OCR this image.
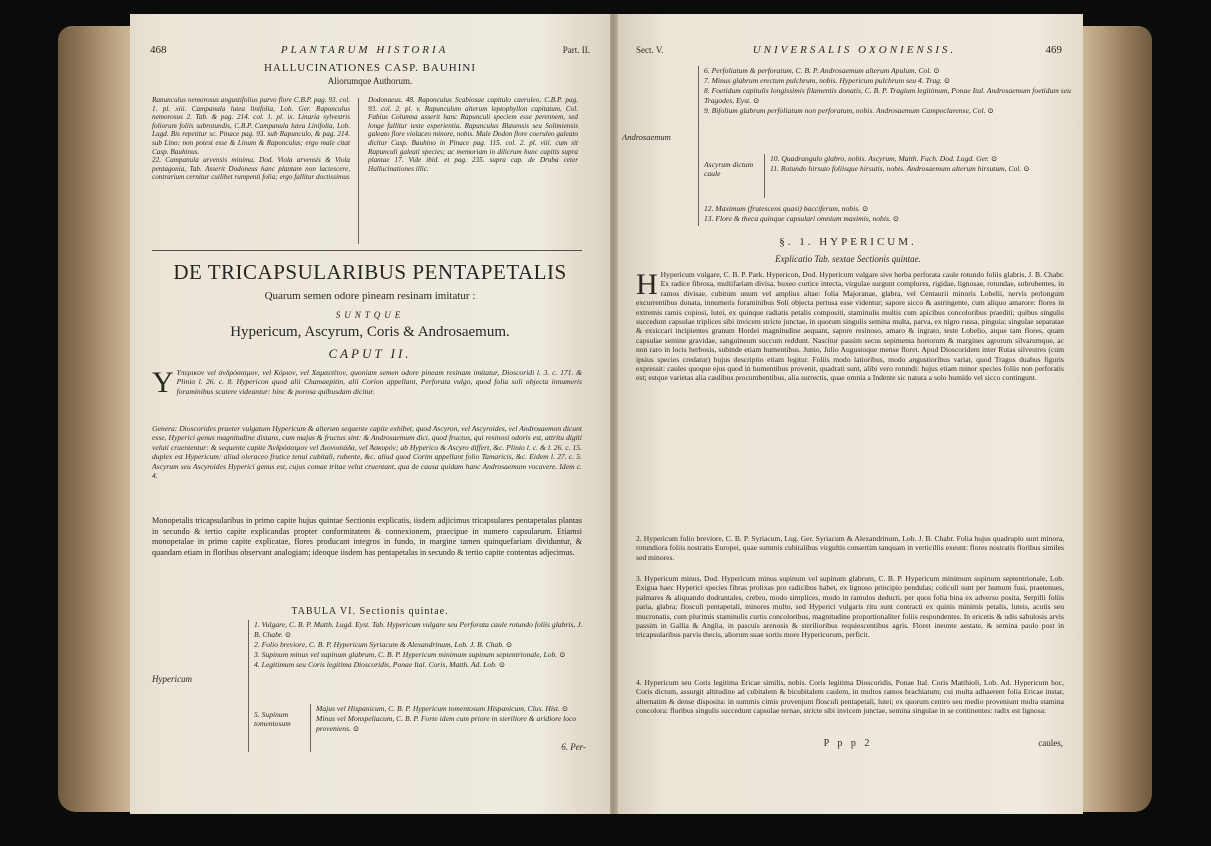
468	PLANTARUM HISTORIA	Part. II.
HALLUCINATIONES CASP. BAUHINI
Aliorumque Authorum.
Ranunculus nemorosus angustifolius parvo flore C.B.P. pag. 93. col. 1. pl. xiii. Campanula lutea linifolia, Lob. Ger. Raponculus nemorosus 2. Tab. & pag. 214. col. 1. pl. ix. Linaria sylvestris foliorum foliis subrotundis, C.B.P. Campanula lutea Linifolia, Lob. Lugd. Bis repetitur sc. Pinace pag. 93. sub Rapunculo, & pag. 214. sub Lino: non potest esse & Linum & Raponculus; ergo male citat Casp. Bauhinus.
22. Campanula arvensis minima, Dod. Viola arvensis & Viola pentagonia, Tab. Asserit Dodoneus hanc plantam non lactescere, contrarium cernitur cuilibet rumpenti folia; ergo fallitur doctissimus
Dodonaeus. 48. Raponculus Scabiosae capitulo caeruleo, C.B.P. pag. 93. col. 2. pl. v. Rapunculum alterum leptophyllon capitatum, Col. Fabius Columna asserit hanc Rapunculi speciem esse perennem, sed longe fallitur teste experientia. Rapunculus Blasensis seu Solimiensis galeato flore violaceo minore, nobis. Male Dodon flore coeruleo galeato dicitur Casp. Bauhino in Pinace pag. 115. col. 2. pl. viii. cum sit Rapunculi galeati species; ac memoriam in dilicrum hunc capitis supra plantae 17. Vide ibid. et pag. 235. supra cap. de Druba ceter Hallucinationes illic.
DE TRICAPSULARIBUS PENTAPETALIS
Quarum semen odore pineam resinam imitatur :
SUNTQUE
Hypericum, Ascyrum, Coris & Androsaemum.
CAPUT II.
Y Υπερικον vel ἀνδρόσαιμον, vel Κόριον, vel Χαμαιπίτυν, quoniam semen odore pineam resinam imitatur, Dioscoridi l. 3. c. 171. & Plinio l. 26. c. 8. Hypericon quod alii Chamaepitin, alii Corion appellant, Perforata vulgo, quod folia soli objecta innumeris foraminibus scatere videantur: hinc & porosa quibusdam dicitur.
Genera: Dioscorides praeter vulgatum Hypericum & alterum sequente capite exhibet, quod Ascyron, vel Ascyroides, vel Androsaemon dicunt esse, Hyperici genus magnitudine distans, cum majus & fructus sint: & Androsaemum dici, quod fructus, qui resinosi odoris est, attritu digiti veluti cruententur: & sequente capite Ἀνδρόσαιμον vel Διονυσιάδα, vel Ἀσκυρόν; ab Hyperico & Ascyro differt, &c. Plinio l. c. & l. 26. c. 15. duplex est Hypericum: aliud oleraceo frutice tenui cubitali, rubente, &c. aliud quod Corim appellant folio Tamaricis, &c. Eidem l. 27. c. 5. Ascyrum seu Ascyroides Hyperici genus est, cujus comae tritae velut cruentant, qua de causa quidam hanc Androsaemum vocavere. Idem c. 4.
Monopetalis tricapsularibus in primo capite hujus quintae Sectionis explicatis, iisdem adjicimus tricapsulares pentapetalas plantas in secundo & tertio capite explicandas propter conformitatem & connexionem, praecipue in numero capsularum. Etiamsi monopetalae in primo capite explicatae, flores producant integros in fundo, in margine tamen quinquefariam dividuntur, & quandam etiam in floribus observant analogiam; ideoque iisdem has pentapetalas in secundo & tertio capite contentas adjecimus.
TABULA VI. Sectionis quintae.
Hypericum
1. Vulgare, C. B. P. Matth. Lugd. Eyst. Tab. Hypericum vulgare seu Perforata caule rotundo foliis glabris, J. B. Chabr. ⊙
2. Folio breviore, C. B. P. Hypericum Syriacum & Alexandrinum, Lob. J. B. Chab. ⊙
3. Supinum minus vel supinum glabrum, C. B. P. Hypericum minimum supinum septentrionale, Lob. ⊙
4. Legitimum seu Coris legitima Dioscoridis, Ponae Ital. Coris, Matth. Ad. Lob. ⊙
5. Supinum tomentosum
Majus vel Hispanicum, C. B. P. Hypericum tomentosum Hispanicum, Clus. Hist. ⊙
Minus vel Monspeliacum, C. B. P. Forte idem cum priore in steriliore & aridiore loco proveniens. ⊙
6. Per-
Sect. V.	UNIVERSALIS OXONIENSIS.	469
Androsaemum
6. Perfoliatum & perforatum, C. B. P. Androsaemum alterum Apulum, Col. ⊙
7. Minus glabrum erectum pulchrum, nobis. Hypericum pulchrum seu 4. Trag. ⊙
8. Foetidum capitulis longissimis filamentis donatis, C. B. P. Tragium legitimum, Ponae Ital. Androsaemum foetidum seu Tragodes, Eyst. ⊙
9. Bifolium glabrum perfoliatum non perforatum, nobis. Androsaemum Campoclarense, Col. ⊙
Ascyrum dictum caule
10. Quadrangulo glabro, nobis. Ascyrum, Matth. Fuch. Dod. Lugd. Ger. ⊙
11. Rotundo hirsuto foliisque hirsutis, nobis. Androsaemum alterum hirsutum, Col. ⊙
12. Maximum (frutescens quasi) bacciferum, nobis. ⊙
13. Flore & theca quinque capsulari omnium maximis, nobis. ⊙
§. 1. HYPERICUM.
Explicatio Tab. sextae Sectionis quintae.
H Hypericum vulgare, C. B. P. Park. Hypericon, Dod. Hypericum vulgare sive herba perforata caule rotundo foliis glabris, J. B. Chabr. Ex radice fibrosa, multifariam divisa, buxeo cortice intecta, virgulae surgunt complures, rigidae, lignosae, rotundae, subrubentes, in ramos divisae, cubitum unum vel amplius altae: folia Majoranae, glabra, vel Centaurii minoris Lobelii, nervis perlongum excurrentibus donata, innumeris foraminibus Soli objecta pertusa esse videntur; sapore sicco & astringente, cum aliquo amarore: flores in extremis ramis copiosi, lutei, ex quinque radiatis petalis compositi, staminulis multis cum apicibus concoloribus praediti; quibus singulis succedunt capsulae triplices sibi invicem stricte junctae, in quorum singulis semina multa, parva, ex nigro russa, pinguia; singulae separatae & exsiccari incipientes granum Hordei magnitudine aequant, sapore resinoso, amaro & ingrato, teste Lobelio, atque tam flores, quam capsulae semine gravidae, sanguineum succum reddunt. Nascitur passim secus sepimenta hortorum & margines agrorum silvarumque, ac non raro in locis herbosis, subinde etiam humentibus. Junio, Julio Augustoque mense floret. Apud Dioscoridem inter Rutas silvestres (cum ipsius species credatur) hujus descriptio etiam legitur. Foliis modo latioribus, modo angustioribus variat, quod Tragus duabus figuris expressit: caules quoque ejus quod in humentibus provenit, quadrati sunt, alibi vero rotundi: hujus etiam minor species foliis non perforatis est; estque varietas alia caulibus procumbentibus, alia surrectis, quae omnia a Indente sic natura a solo humido vel sicco contingunt.
2. Hypericum folio breviore, C. B. P. Syriacum, Lug. Ger. Syriacum & Alexandrinum, Lob. J. B. Chabr. Folia hujus quadruplo sunt minora, rotundiora foliis nostratis Europei, quae summis cubitalibus virgultis consertim tanquam in verticillis exeunt: flores nostratis floribus similes sed minores.
3. Hypericum minus, Dod. Hypericum minus supinum vel supinum glabrum, C. B. P. Hypericum minimum supinum septentrionale, Lob. Exigua haec Hyperici species fibras prolixas pro radicibus habet, ex lignoso principio pendulas; coliculi sunt per humum fusi, praetenues, palmares & aliquando dodrantales, crebro, modo simplices, modo in ramulos deducti, per quos folia bina ex adverso posita, Serpilli foliis paria, glabra; flosculi pentapetali, minores multo, sed Hyperici vulgaris ritu sunt contracti ex quinis minimis petalis, luteis, acutis seu mucronatis, cum plurimis staminulis curtis concoloribus, magnitudine proportionaliter foliis respondentes. In ericetis & udis sabulosis arvis passim in Gallia & Anglia, in pascuis arenosis & sterilioribus requiescentibus agris. Floret ineunte aestate, & semina paulo post in tricapsularibus parvis thecis, aliorum suae sortis more Hypericorum, perficit.
4. Hypericum seu Coris legitima Ericae similis, nobis. Coris legitima Dioscoridis, Ponae Ital. Coris Matthioli, Lob. Ad. Hypericum hoc, Coris dictum, assurgit altitudine ad cubitalem & bicubitalem caulem, in multos ramos brachiatum; cui multa adhaerent folia Ericae instar, alternatim & dense disposita: in summis cimis provenjunt flosculi pentapetali, lutei; ex quorum centro seu medio proveniunt multa stamina concolora: floribus singulis succedunt capsulae ternae, stricte sibi invicem junctae, semina singulae in se continentes: radix est lignosa:
P p p 2	caules,
